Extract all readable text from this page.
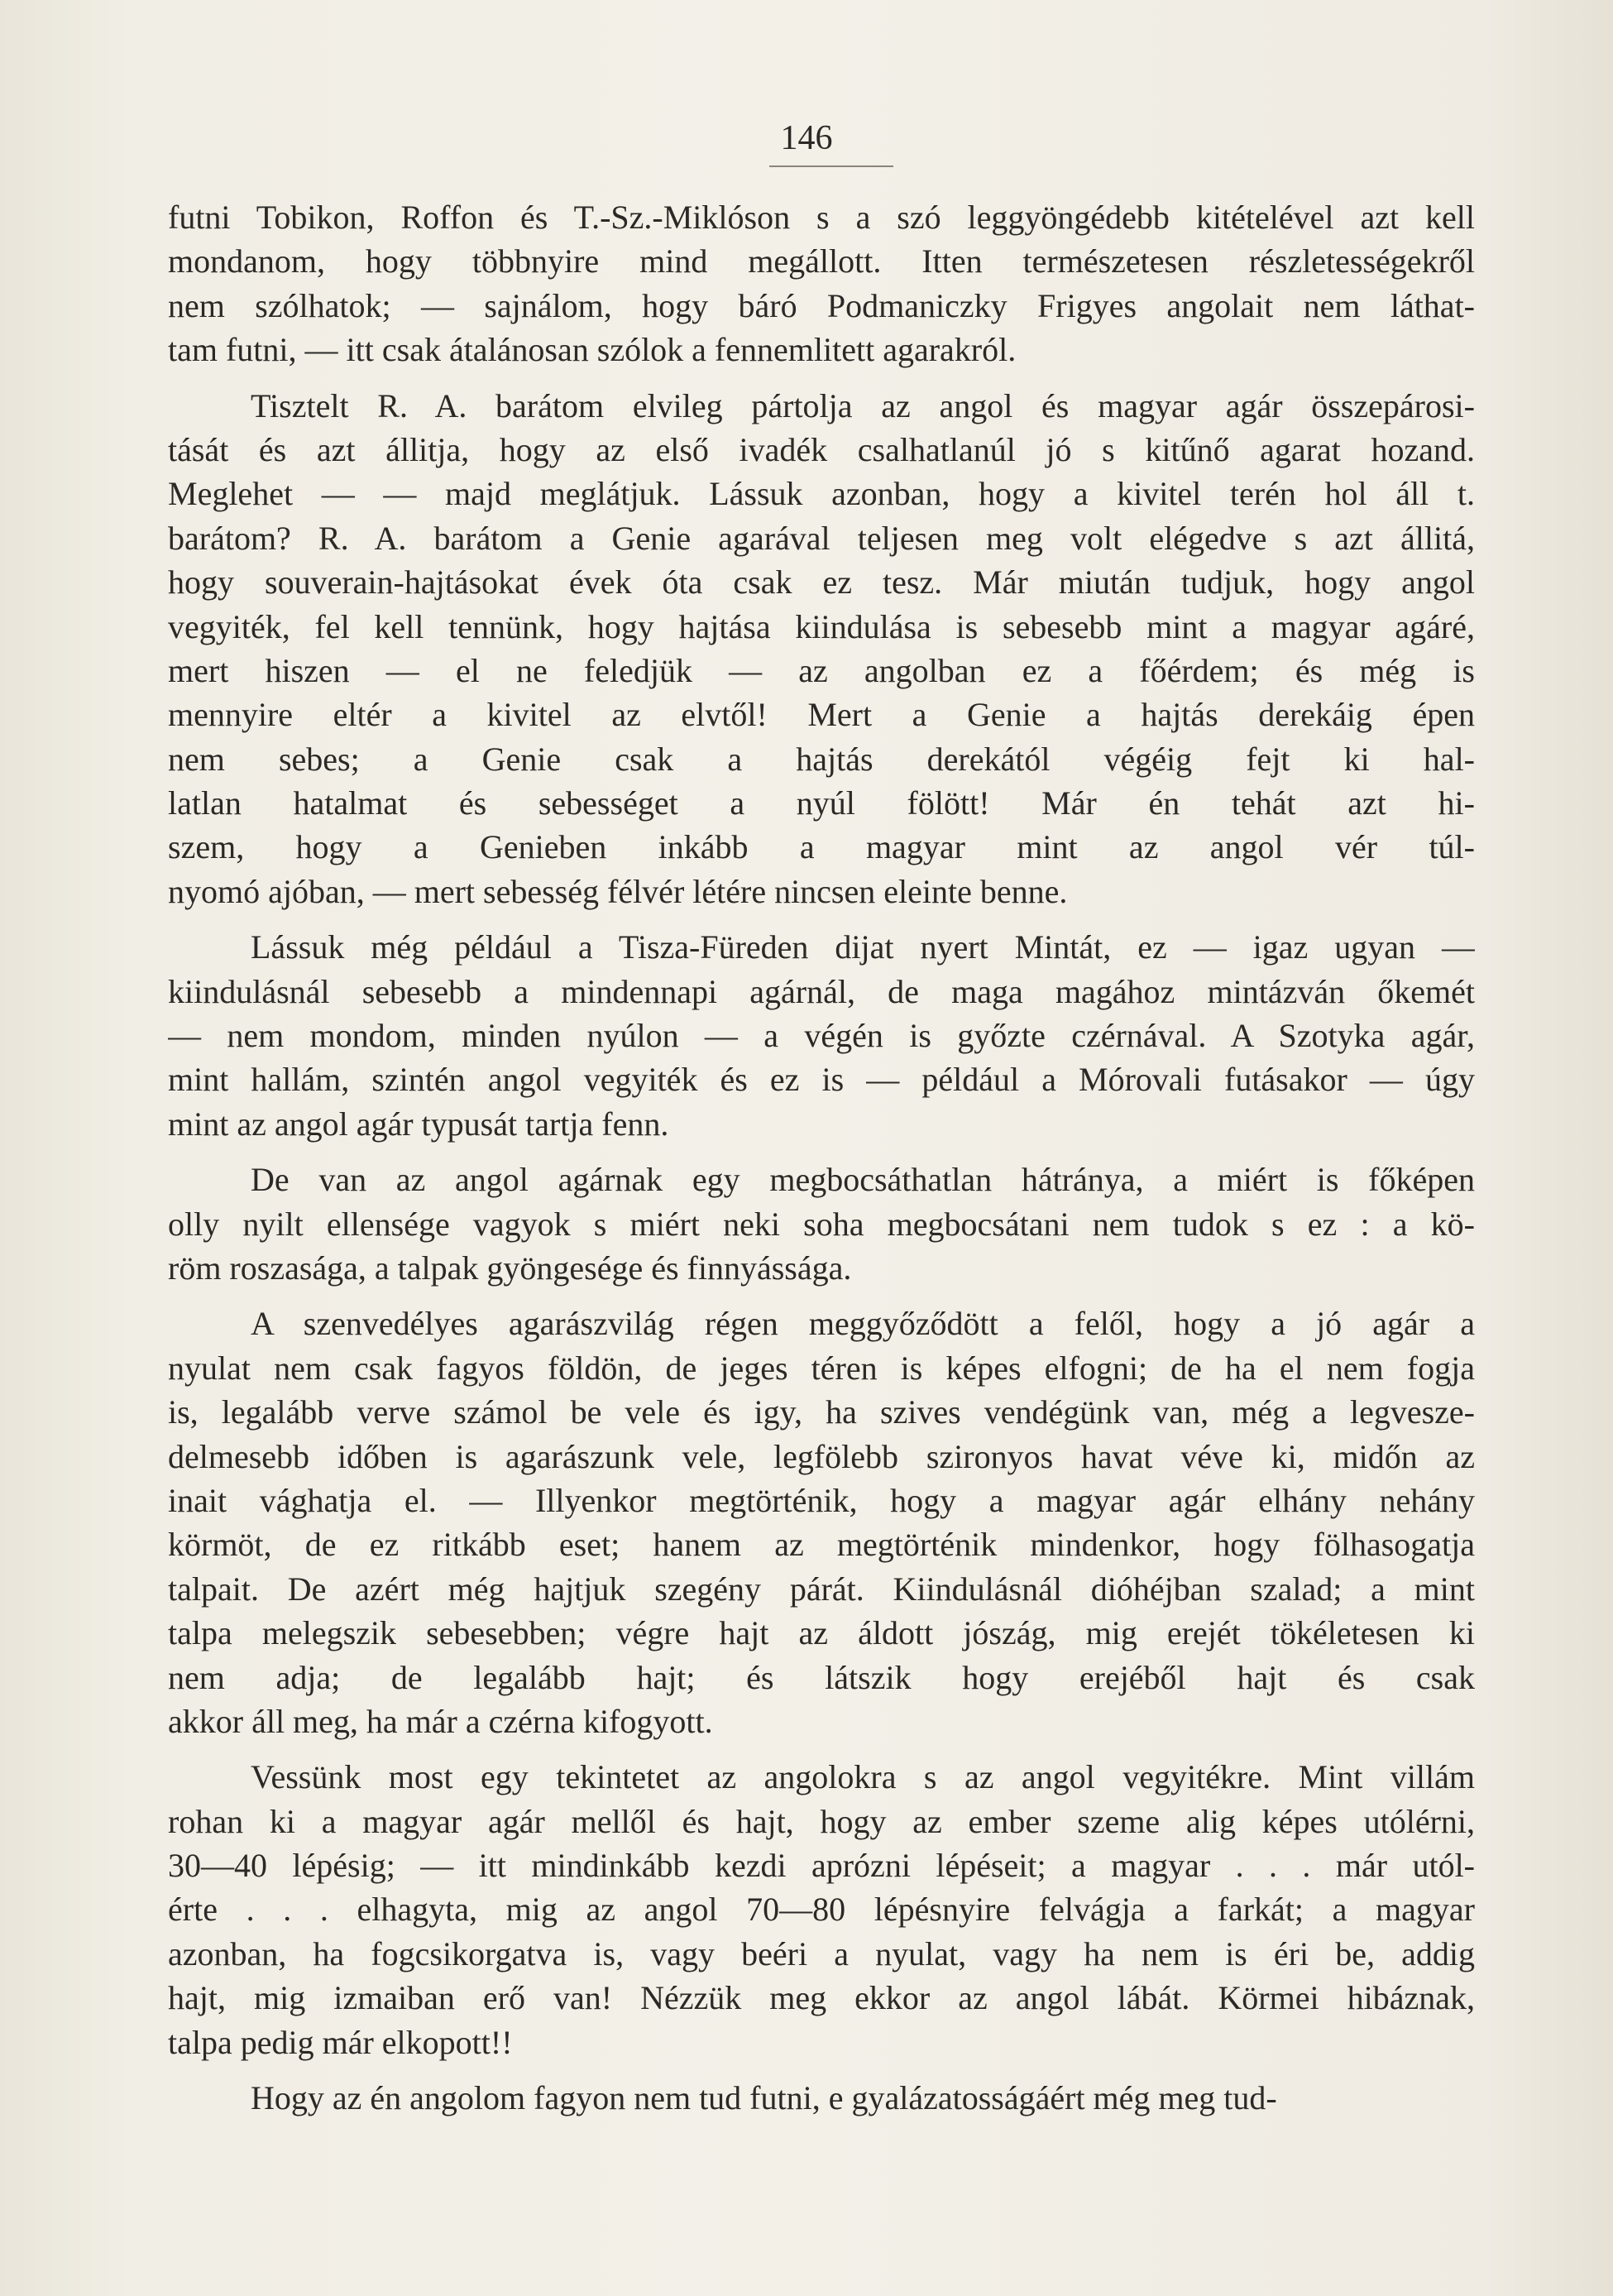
146
futni Tobikon, Roffon és T.-Sz.-Miklóson s a szó leggyöngédebb kitételével azt kell
mondanom, hogy többnyire mind megállott. Itten természetesen részletességekről
nem szólhatok; — sajnálom, hogy báró Podmaniczky Frigyes angolait nem láthat-
tam futni, — itt csak átalánosan szólok a fennemlitett agarakról.
Tisztelt R. A. barátom elvileg pártolja az angol és magyar agár összepárosi-
tását és azt állitja, hogy az első ivadék csalhatlanúl jó s kitűnő agarat hozand.
Meglehet — — majd meglátjuk. Lássuk azonban, hogy a kivitel terén hol áll t.
barátom? R. A. barátom a Genie agarával teljesen meg volt elégedve s azt állitá,
hogy souverain-hajtásokat évek óta csak ez tesz. Már miután tudjuk, hogy angol
vegyiték, fel kell tennünk, hogy hajtása kiindulása is sebesebb mint a magyar agáré,
mert hiszen — el ne feledjük — az angolban ez a főérdem; és még is
mennyire eltér a kivitel az elvtől! Mert a Genie a hajtás derekáig épen
nem sebes; a Genie csak a hajtás derekától végéig fejt ki hal-
latlan hatalmat és sebességet a nyúl fölött! Már én tehát azt hi-
szem, hogy a Genieben inkább a magyar mint az angol vér túl-
nyomó ajóban, — mert sebesség félvér létére nincsen eleinte benne.
Lássuk még például a Tisza-Füreden dijat nyert Mintát, ez — igaz ugyan —
kiindulásnál sebesebb a mindennapi agárnál, de maga magához mintázván őkemét
— nem mondom, minden nyúlon — a végén is győzte czérnával. A Szotyka agár,
mint hallám, szintén angol vegyiték és ez is — például a Mórovali futásakor — úgy
mint az angol agár typusát tartja fenn.
De van az angol agárnak egy megbocsáthatlan hátránya, a miért is főképen
olly nyilt ellensége vagyok s miért neki soha megbocsátani nem tudok s ez : a kö-
röm roszasága, a talpak gyöngesége és finnyássága.
A szenvedélyes agarászvilág régen meggyőződött a felől, hogy a jó agár a
nyulat nem csak fagyos földön, de jeges téren is képes elfogni; de ha el nem fogja
is, legalább verve számol be vele és igy, ha szives vendégünk van, még a legvesze-
delmesebb időben is agarászunk vele, legfölebb szironyos havat véve ki, midőn az
inait vághatja el. — Illyenkor megtörténik, hogy a magyar agár elhány nehány
körmöt, de ez ritkább eset; hanem az megtörténik mindenkor, hogy fölhasogatja
talpait. De azért még hajtjuk szegény párát. Kiindulásnál dióhéjban szalad; a mint
talpa melegszik sebesebben; végre hajt az áldott jószág, mig erejét tökéletesen ki
nem adja; de legalább hajt; és látszik hogy erejéből hajt és csak
akkor áll meg, ha már a czérna kifogyott.
Vessünk most egy tekintetet az angolokra s az angol vegyitékre. Mint villám
rohan ki a magyar agár mellől és hajt, hogy az ember szeme alig képes utólérni,
30—40 lépésig; — itt mindinkább kezdi aprózni lépéseit; a magyar . . . már utól-
érte . . . elhagyta, mig az angol 70—80 lépésnyire felvágja a farkát; a magyar
azonban, ha fogcsikorgatva is, vagy beéri a nyulat, vagy ha nem is éri be, addig
hajt, mig izmaiban erő van! Nézzük meg ekkor az angol lábát. Körmei hibáznak,
talpa pedig már elkopott!!
Hogy az én angolom fagyon nem tud futni, e gyalázatosságáért még meg tud-
